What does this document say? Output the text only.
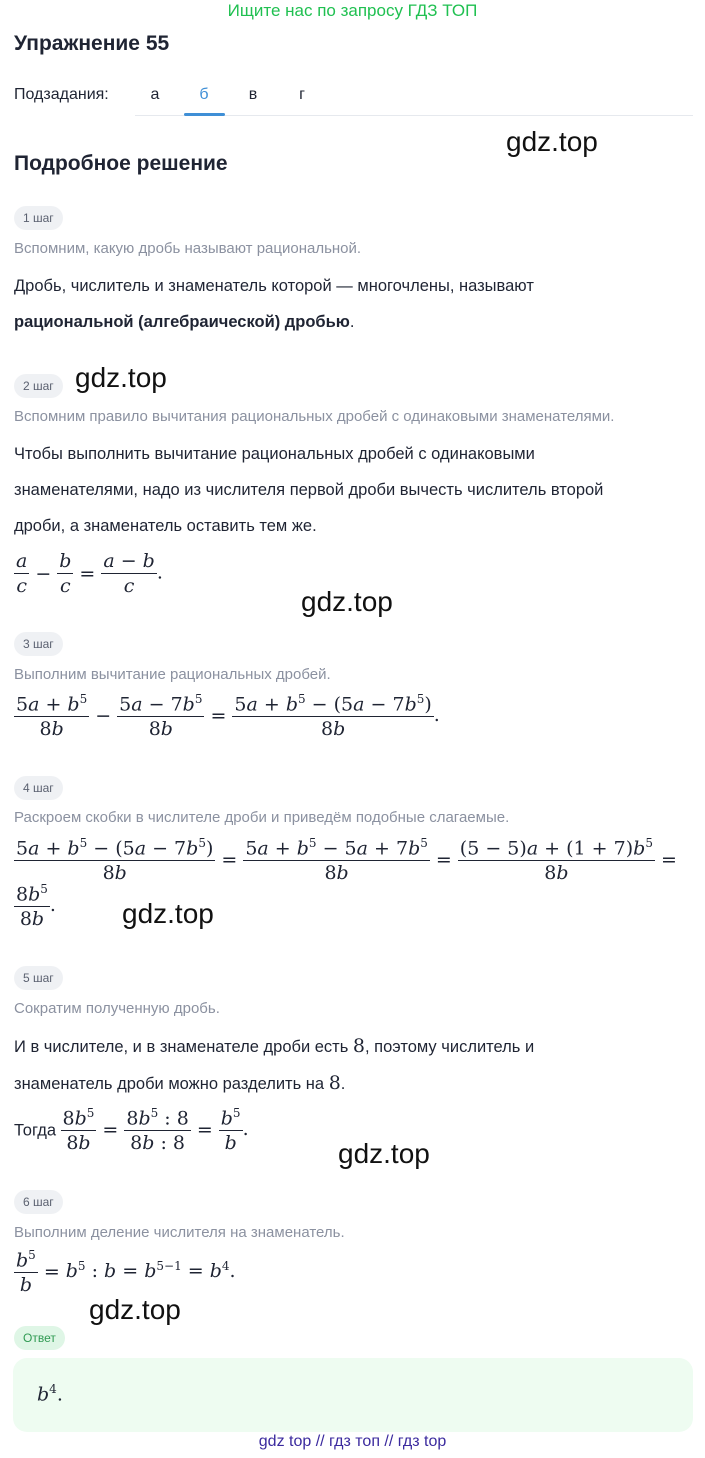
Ищите нас по запросу ГДЗ ТОП
Упражнение 55
Подзадания:	а	б	в	г
Подробное решение
gdz.top
gdz.top
gdz.top
gdz.top
gdz.top
gdz.top
1 шаг
Вспомним, какую дробь называют рациональной.
Дробь, числитель и знаменатель которой — многочлены, называют
рациональной (алгебраической) дробью.
2 шаг
Вспомним правило вычитания рациональных дробей с одинаковыми знаменателями.
Чтобы выполнить вычитание рациональных дробей с одинаковыми
знаменателями, надо из числителя первой дроби вычесть числитель второй
дроби, а знаменатель оставить тем же.
$\frac{a}{c} - \frac{b}{c} = \frac{a - b}{c}$ .
3 шаг
Выполним вычитание рациональных дробей.
$\frac{5a + b^5}{8b} - \frac{5a - 7b^5}{8b} = \frac{5a + b^5 - (5a - 7b^5)}{8b}$ .
4 шаг
Раскроем скобки в числителе дроби и приведём подобные слагаемые.
$\frac{5a + b^5 - (5a - 7b^5)}{8b} = \frac{5a + b^5 - 5a + 7b^5}{8b} = \frac{(5 - 5)a + (1 + 7)b^5}{8b}$ =
$\frac{8b^5}{8b}$ .
5 шаг
Сократим полученную дробь.
И в числителе, и в знаменателе дроби есть 8, поэтому числитель и
знаменатель дроби можно разделить на 8.
Тогда $\frac{8b^5}{8b} = \frac{8b^5 : 8}{8b : 8} = \frac{b^5}{b}$ .
6 шаг
Выполним деление числителя на знаменатель.
$\frac{b^5}{b} = b^5$ : $b = b^{5-1} = b^4$.
Ответ
$b^4$.
gdz top // гдз топ // гдз top
